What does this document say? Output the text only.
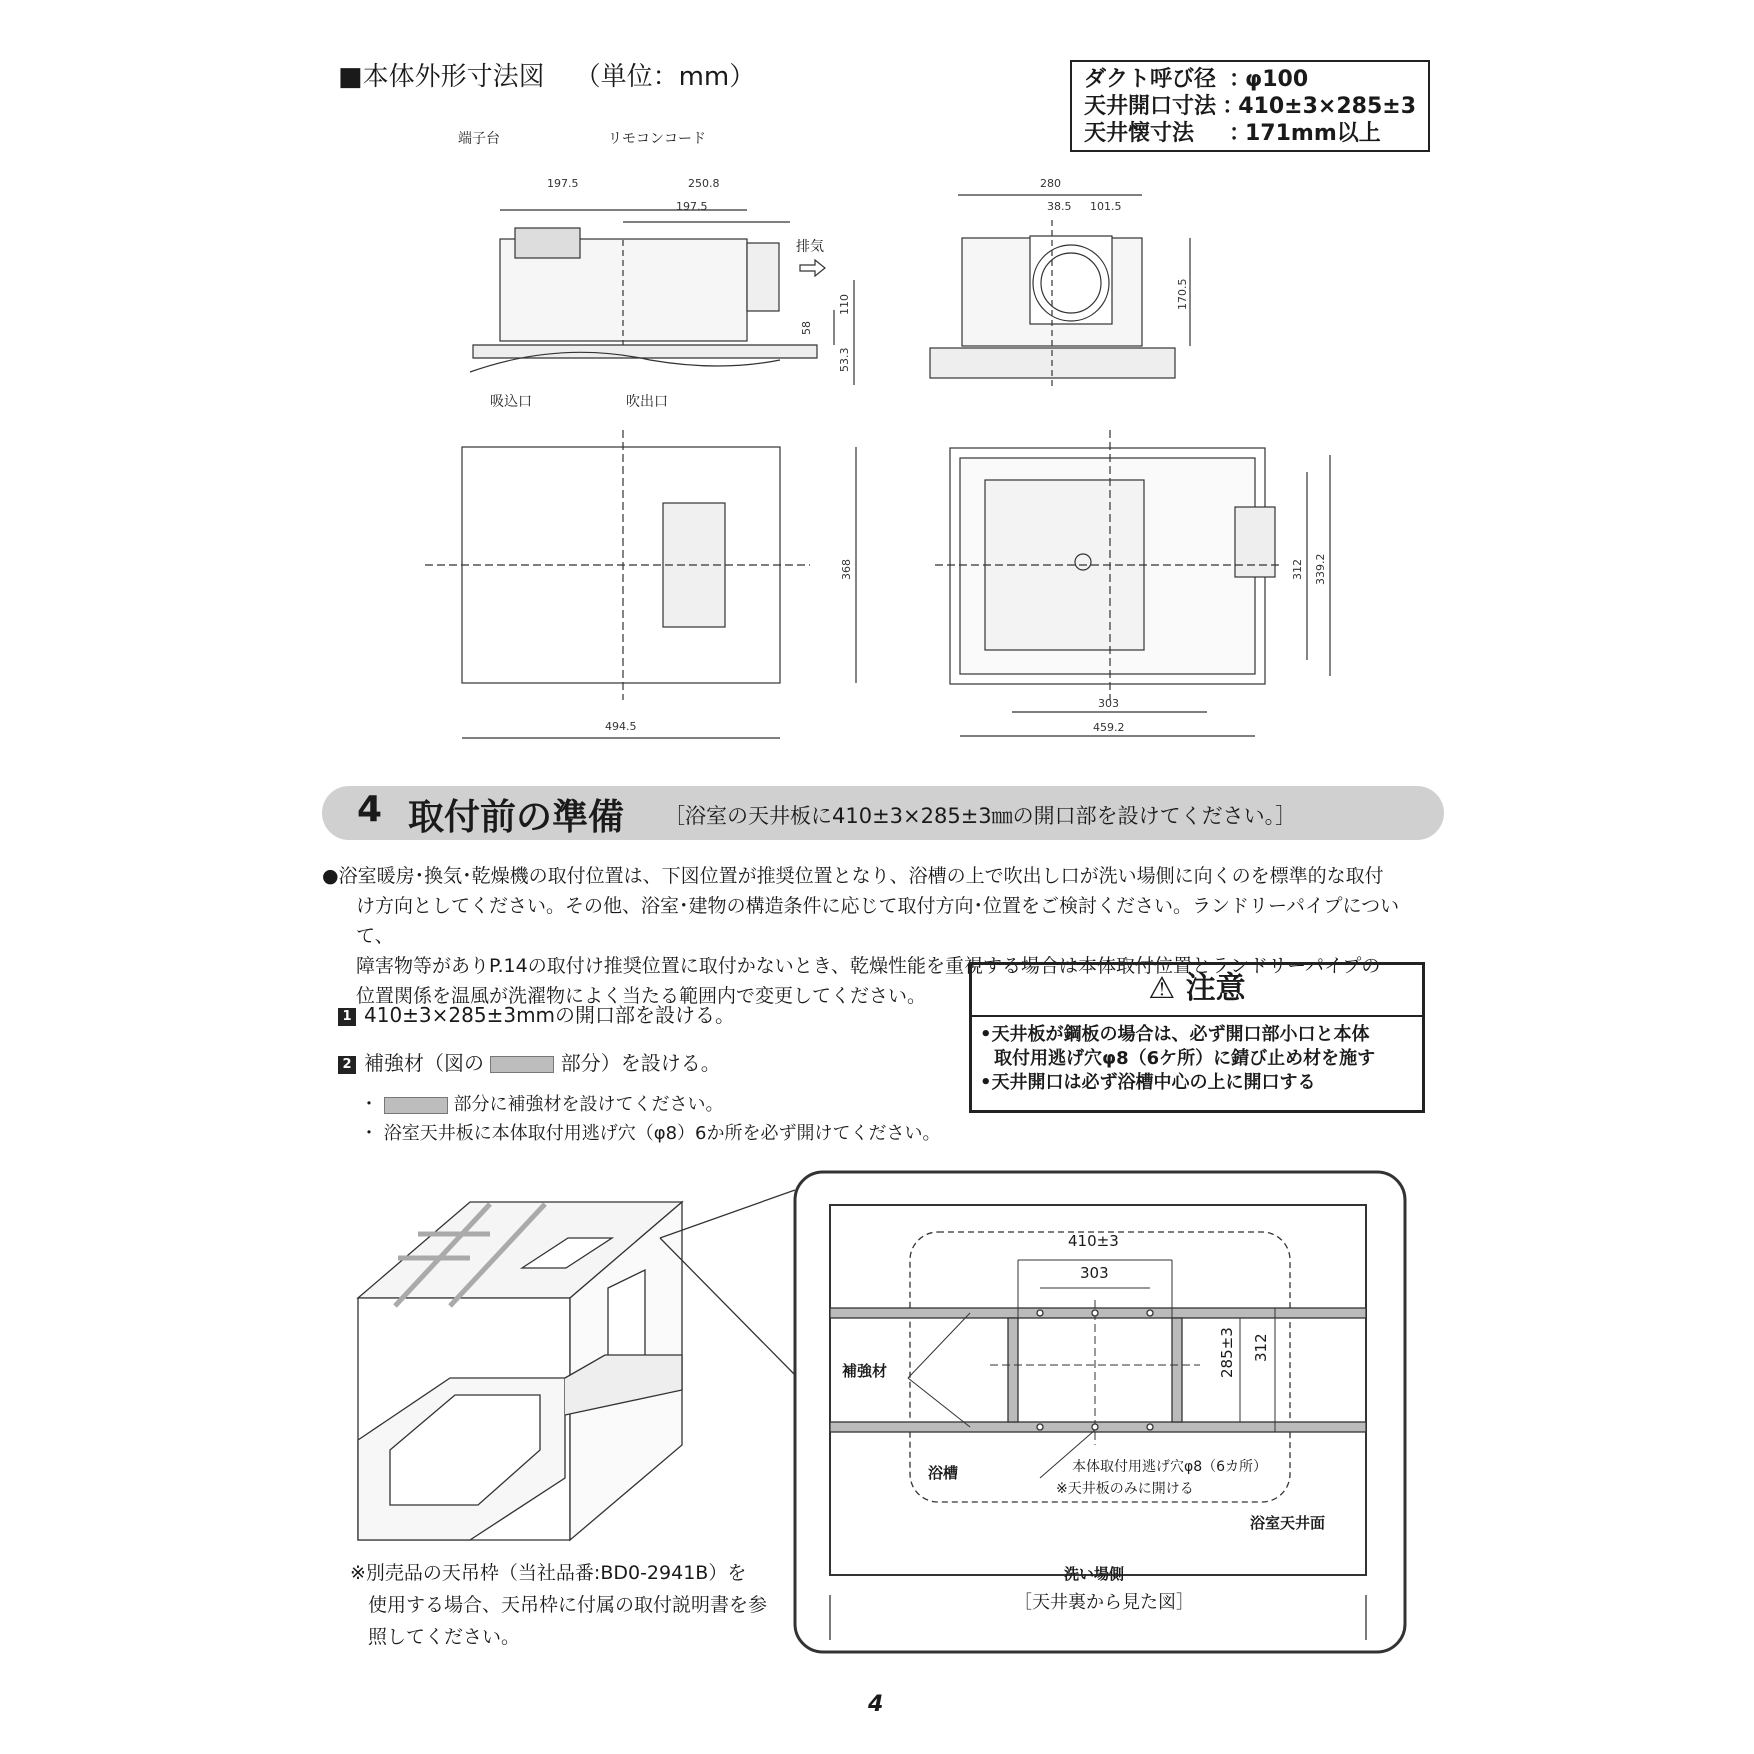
■本体外形寸法図 （単位：mm）	ダクト呼び径 ：
φ100
天井開口寸法 ：
410±3×285±3
天井懐寸法	：
171mm以上
197.5	250.8
197.5
110
58
53.3
280
38.5 101.5
170.5
368
494.5
312 339.2
303
459.2
端子台	リモコンコード
排気
吸込口	吹出口
4 取付前の準備 ［浴室の天井板に410±3×285±3㎜の開口部を設けてください。］

●浴室暖房･換気･乾燥機の取付位置は、下図位置が推奨位置となり、浴槽の上で吹出し口が洗い場側に向くのを標準的な取付

け方向としてください。その他、浴室･建物の構造条件に応じて取付方向･位置をご検討ください。ランドリーパイプについて、

障害物等がありP.14の取付け推奨位置に取付かないとき、乾燥性能を重視する場合は本体取付位置とランドリーパイプの

位置関係を温風が洗濯物によく当たる範囲内で変更してください。

1 410±3×285±3mmの開口部を設ける。
2 補強材（図の	部分）を設ける。
・	部分に補強材を設けてください。
・ 浴室天井板に本体取付用逃げ穴（φ8）6か所を必ず開けてください。
⚠ 注意

•天井板が鋼板の場合は、必ず開口部小口と本体

取付用逃げ穴φ8（6ケ所）に錆び止め材を施す

•天井開口は必ず浴槽中心の上に開口する

410±3
303
285±3 312
補強材
浴槽	本体取付用逃げ穴φ8（6カ所）
※天井板のみに開ける
浴室天井面
洗い場側
［天井裏から見た図］

※別売品の天吊枠（当社品番:BD0-2941B）を

使用する場合、天吊枠に付属の取付説明書を参

照してください。

4
